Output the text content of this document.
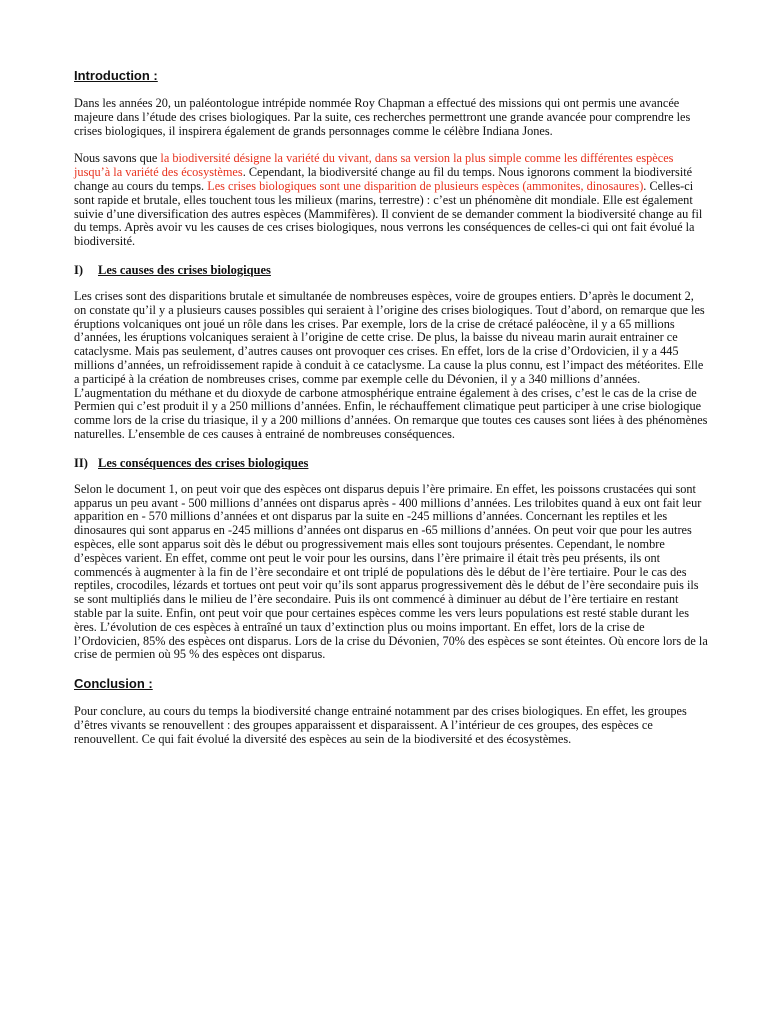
Introduction :

Dans les années 20, un paléontologue intrépide nommée Roy Chapman a effectué des missions qui ont permis une avancée majeure dans l’étude des crises biologiques. Par la suite, ces recherches permettront une grande avancée pour comprendre les crises biologiques, il inspirera également de grands personnages comme le célèbre Indiana Jones.

Nous savons que la biodiversité désigne la variété du vivant, dans sa version la plus simple comme les différentes espèces jusqu’à la variété des écosystèmes. Cependant, la biodiversité change au fil du temps. Nous ignorons comment la biodiversité change au cours du temps. Les crises biologiques sont une disparition de plusieurs espèces (ammonites, dinosaures). Celles-ci sont rapide et brutale, elles touchent tous les milieux (marins, terrestre) : c’est un phénomène dit mondiale. Elle est également suivie d’une diversification des autres espèces (Mammifères). Il convient de se demander comment la biodiversité change au fil du temps. Après avoir vu les causes de ces crises biologiques, nous verrons les conséquences de celles-ci qui ont fait évolué la biodiversité.

I) Les causes des crises biologiques

Les crises sont des disparitions brutale et simultanée de nombreuses espèces, voire de groupes entiers. D’après le document 2, on constate qu’il y a plusieurs causes possibles qui seraient à l’origine des crises biologiques. Tout d’abord, on remarque que les éruptions volcaniques ont joué un rôle dans les crises. Par exemple, lors de la crise de crétacé paléocène, il y a 65 millions d’années, les éruptions volcaniques seraient à l’origine de cette crise. De plus, la baisse du niveau marin aurait entrainer ce cataclysme. Mais pas seulement, d’autres causes ont provoquer ces crises. En effet, lors de la crise d’Ordovicien, il y a 445 millions d’années, un refroidissement rapide à conduit à ce cataclysme. La cause la plus connu, est l’impact des météorites. Elle a participé à la création de nombreuses crises, comme par exemple celle du Dévonien, il y a 340 millions d’années. L’augmentation du méthane et du dioxyde de carbone atmosphérique entraine également à des crises, c’est le cas de la crise de Permien qui c’est produit il y a 250 millions d’années. Enfin, le réchauffement climatique peut participer à une crise biologique comme lors de la crise du triasique, il y a 200 millions d’années. On remarque que toutes ces causes sont liées à des phénomènes naturelles. L’ensemble de ces causes à entrainé de nombreuses conséquences.

II) Les conséquences des crises biologiques

Selon le document 1, on peut voir que des espèces ont disparus depuis l’ère primaire. En effet, les poissons crustacées qui sont apparus un peu avant - 500 millions d’années ont disparus après - 400 millions d’années. Les trilobites quand à eux ont fait leur apparition en - 570 millions d’années et ont disparus par la suite en -245 millions d’années. Concernant les reptiles et les dinosaures qui sont apparus en -245 millions d’années ont disparus en -65 millions d’années. On peut voir que pour les autres espèces, elle sont apparus soit dès le début ou progressivement mais elles sont toujours présentes. Cependant, le nombre d’espèces varient. En effet, comme ont peut le voir pour les oursins, dans l’ère primaire il était très peu présents, ils ont commencés à augmenter à la fin de l’ère secondaire et ont triplé de populations dès le début de l’ère tertiaire. Pour le cas des reptiles, crocodiles, lézards et tortues ont peut voir qu’ils sont apparus progressivement dès le début de l’ère secondaire puis ils se sont multipliés dans le milieu de l’ère secondaire. Puis ils ont commencé à diminuer au début de l’ère tertiaire en restant stable par la suite. Enfin, ont peut voir que pour certaines espèces comme les vers leurs populations est resté stable durant les ères. L’évolution de ces espèces à entraîné un taux d’extinction plus ou moins important. En effet, lors de la crise de l’Ordovicien, 85% des espèces ont disparus. Lors de la crise du Dévonien, 70% des espèces se sont éteintes. Où encore lors de la crise de permien où 95 % des espèces ont disparus.

Conclusion :

Pour conclure, au cours du temps la biodiversité change entrainé notamment par des crises biologiques. En effet, les groupes d’êtres vivants se renouvellent : des groupes apparaissent et disparaissent. A l’intérieur de ces groupes, des espèces ce renouvellent. Ce qui fait évolué la diversité des espèces au sein de la biodiversité et des écosystèmes.
